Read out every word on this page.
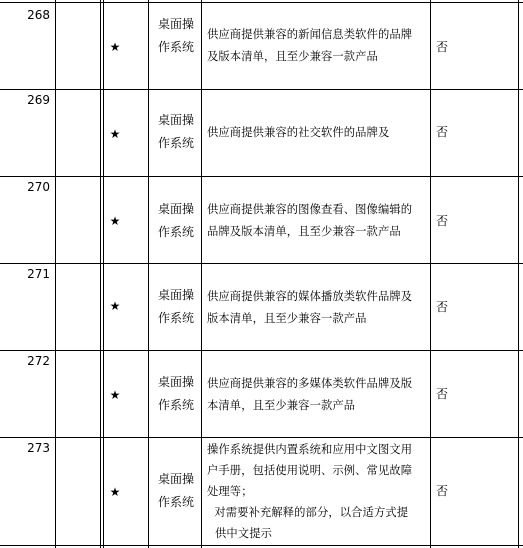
268
★
桌面操
作系统
供应商提供兼容的新闻信息类软件的品牌
及版本清单，且至少兼容一款产品
否
269
★
桌面操
作系统
供应商提供兼容的社交软件的品牌及	否
270
★
桌面操
作系统
供应商提供兼容的图像查看、图像编辑的
品牌及版本清单，且至少兼容一款产品
否
271
★
桌面操
作系统
供应商提供兼容的媒体播放类软件品牌及
版本清单，且至少兼容一款产品
否
272
★
桌面操
作系统
供应商提供兼容的多媒体类软件品牌及版
本清单，且至少兼容一款产品
否
273
★
桌面操
作系统
操作系统提供内置系统和应用中文图文用
户手册，包括使用说明、示例、常见故障
处理等；
对需要补充解释的部分，以合适方式提
供中文提示
否
